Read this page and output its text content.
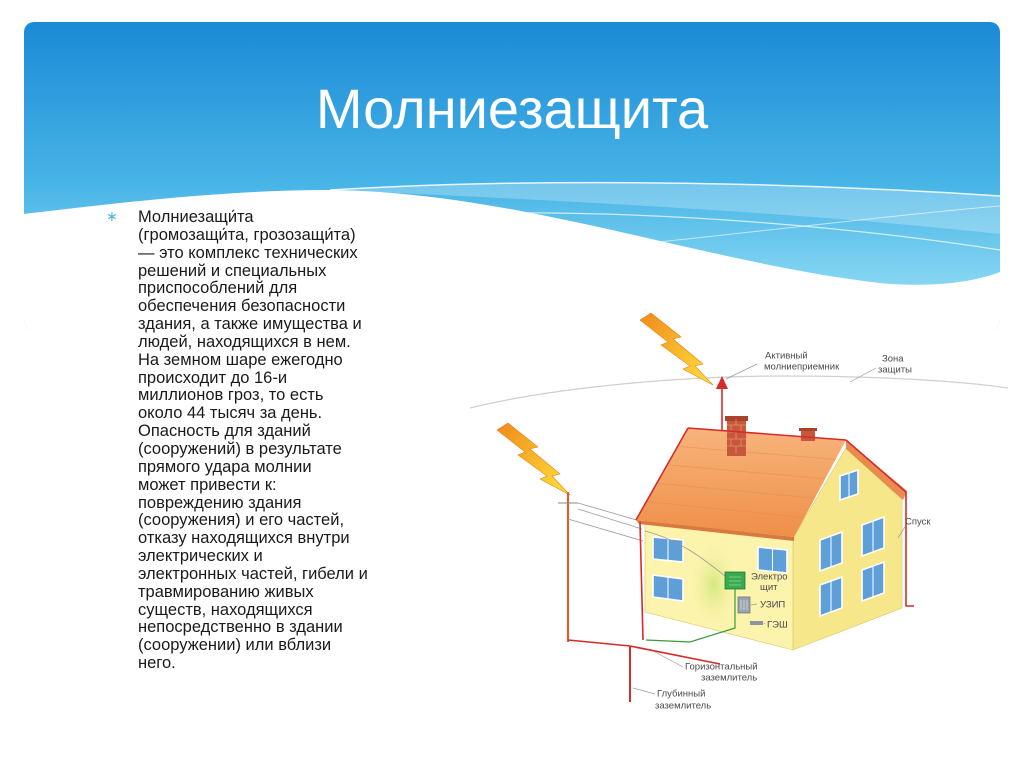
Молниезащита
∗ Молниезащи́та
(громозащи́та, грозозащи́та)
— это комплекс технических
решений и специальных
приспособлений для
обеспечения безопасности
здания, а также имущества и
людей, находящихся в нем.
На земном шаре ежегодно
происходит до 16-и
миллионов гроз, то есть
около 44 тысяч за день.
Опасность для зданий
(сооружений) в результате
прямого удара молнии
может привести к:
повреждению здания
(сооружения) и его частей,
отказу находящихся внутри
электрических и
электронных частей, гибели и
травмированию живых
существ, находящихся
непосредственно в здании
(сооружении) или вблизи
него.
Активный
молниеприемник
Зона
защиты
Спуск
Электро
щит
УЗИП
ГЭШ
Горизонтальный
заземлитель
Глубинный
заземлитель
